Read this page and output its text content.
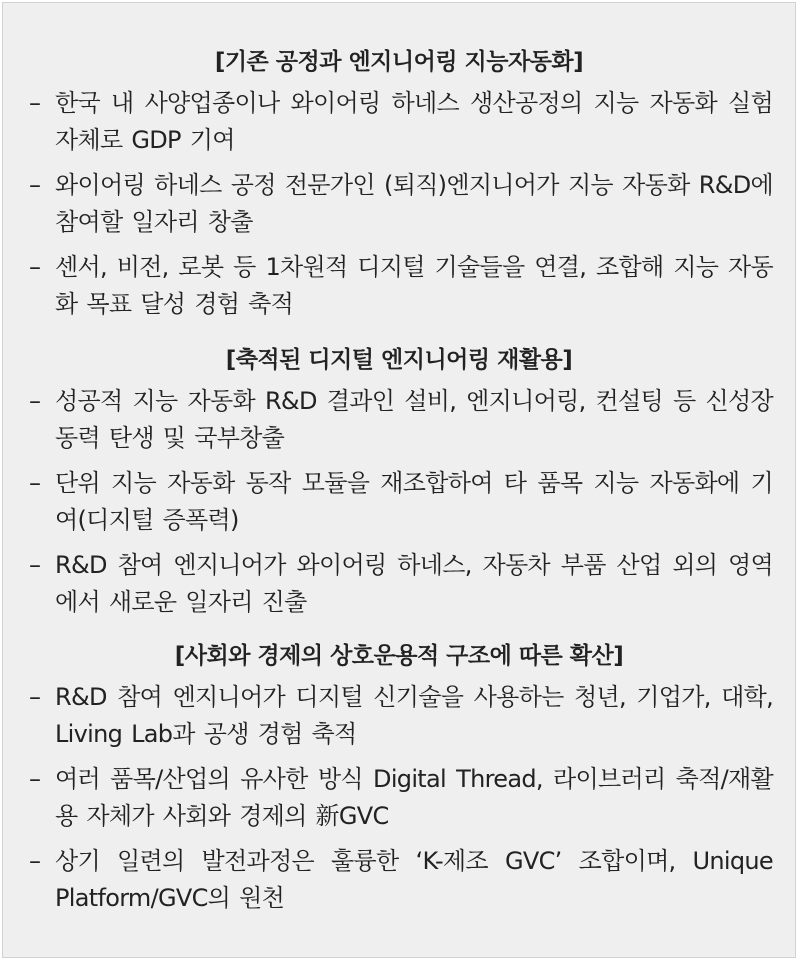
[기존 공정과 엔지니어링 지능자동화]
– 한국 내 사양업종이나 와이어링 하네스 생산공정의 지능 자동화 실험 자체로 GDP 기여
– 와이어링 하네스 공정 전문가인 (퇴직)엔지니어가 지능 자동화 R&D에 참여할 일자리 창출
– 센서, 비전, 로봇 등 1차원적 디지털 기술들을 연결, 조합해 지능 자동화 목표 달성 경험 축적
[축적된 디지털 엔지니어링 재활용]
– 성공적 지능 자동화 R&D 결과인 설비, 엔지니어링, 컨설팅 등 신성장 동력 탄생 및 국부창출
– 단위 지능 자동화 동작 모듈을 재조합하여 타 품목 지능 자동화에 기여(디지털 증폭력)
– R&D 참여 엔지니어가 와이어링 하네스, 자동차 부품 산업 외의 영역에서 새로운 일자리 진출
[사회와 경제의 상호운용적 구조에 따른 확산]
– R&D 참여 엔지니어가 디지털 신기술을 사용하는 청년, 기업가, 대학, Living Lab과 공생 경험 축적
– 여러 품목/산업의 유사한 방식 Digital Thread, 라이브러리 축적/재활용 자체가 사회와 경제의 新GVC
– 상기 일련의 발전과정은 훌륭한 ‘K-제조 GVC’ 조합이며, Unique Platform/GVC의 원천
